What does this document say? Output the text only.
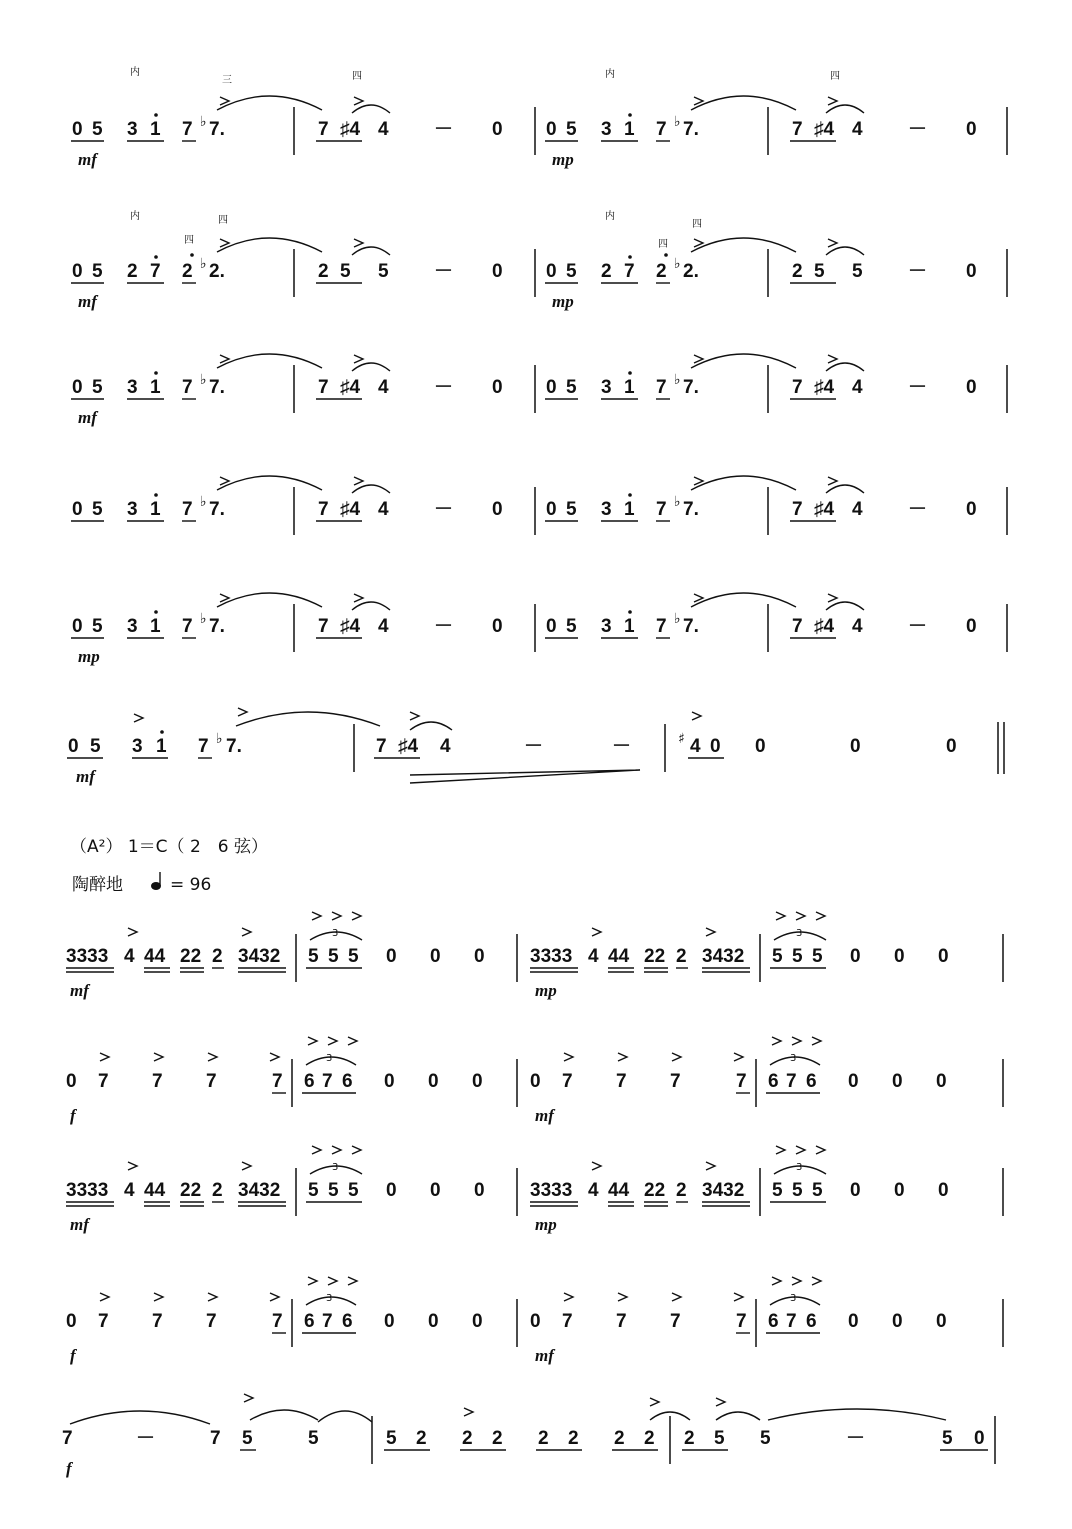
0 5 3 1 7 ♭ 7.	7 ♯4 4 － 0 0 5 3 1 7 ♭ 7.	7 ♯4 4 － 0
mf	mp
内
三	四	内	四
0 5 2 7 2 ♭ 2.	2 5 5 － 0 0 5 2 7 2 ♭ 2.	2 5 5 － 0
mf	mp
内
四
四	内
四
四
0 5 3 1 7 ♭ 7.	7 ♯4 4 － 0 0 5 3 1 7 ♭ 7.	7 ♯4 4 － 0
mf
0 5 3 1 7 ♭ 7.	7 ♯4 4 － 0 0 5 3 1 7 ♭ 7.	7 ♯4 4 － 0
0 5 3 1 7 ♭ 7.	7 ♯4 4 － 0 0 5 3 1 7 ♭ 7.	7 ♯4 4 － 0
mp
0 5 3 1 7 ♭ 7.	7 ♯4 4	－	－	♯ 4 0 0	0	0
mf
（A²） 1＝C（ 2　6 弦）
陶醉地	= 96
3333 4 44 22 2 3432 5 5 5
3
0 0 0 3333 4 44 22 2 3432 5 5 5
3
0 0 0
mf	mp
0 7 7 7	7 6 7 6
3
0 0 0 0 7 7 7	7 6 7 6
3
0 0 0
f	mf
3333 4 44 22 2 3432 5 5 5
3
0 0 0 3333 4 44 22 2 3432 5 5 5
3
0 0 0
mf	mp
0 7 7 7	7 6 7 6
3
0 0 0 0 7 7 7	7 6 7 6
3
0 0 0
f	mf
7	－	7 5	5	5 2 2 2 2 2 2 2 2 5 5	－	5 0
f
